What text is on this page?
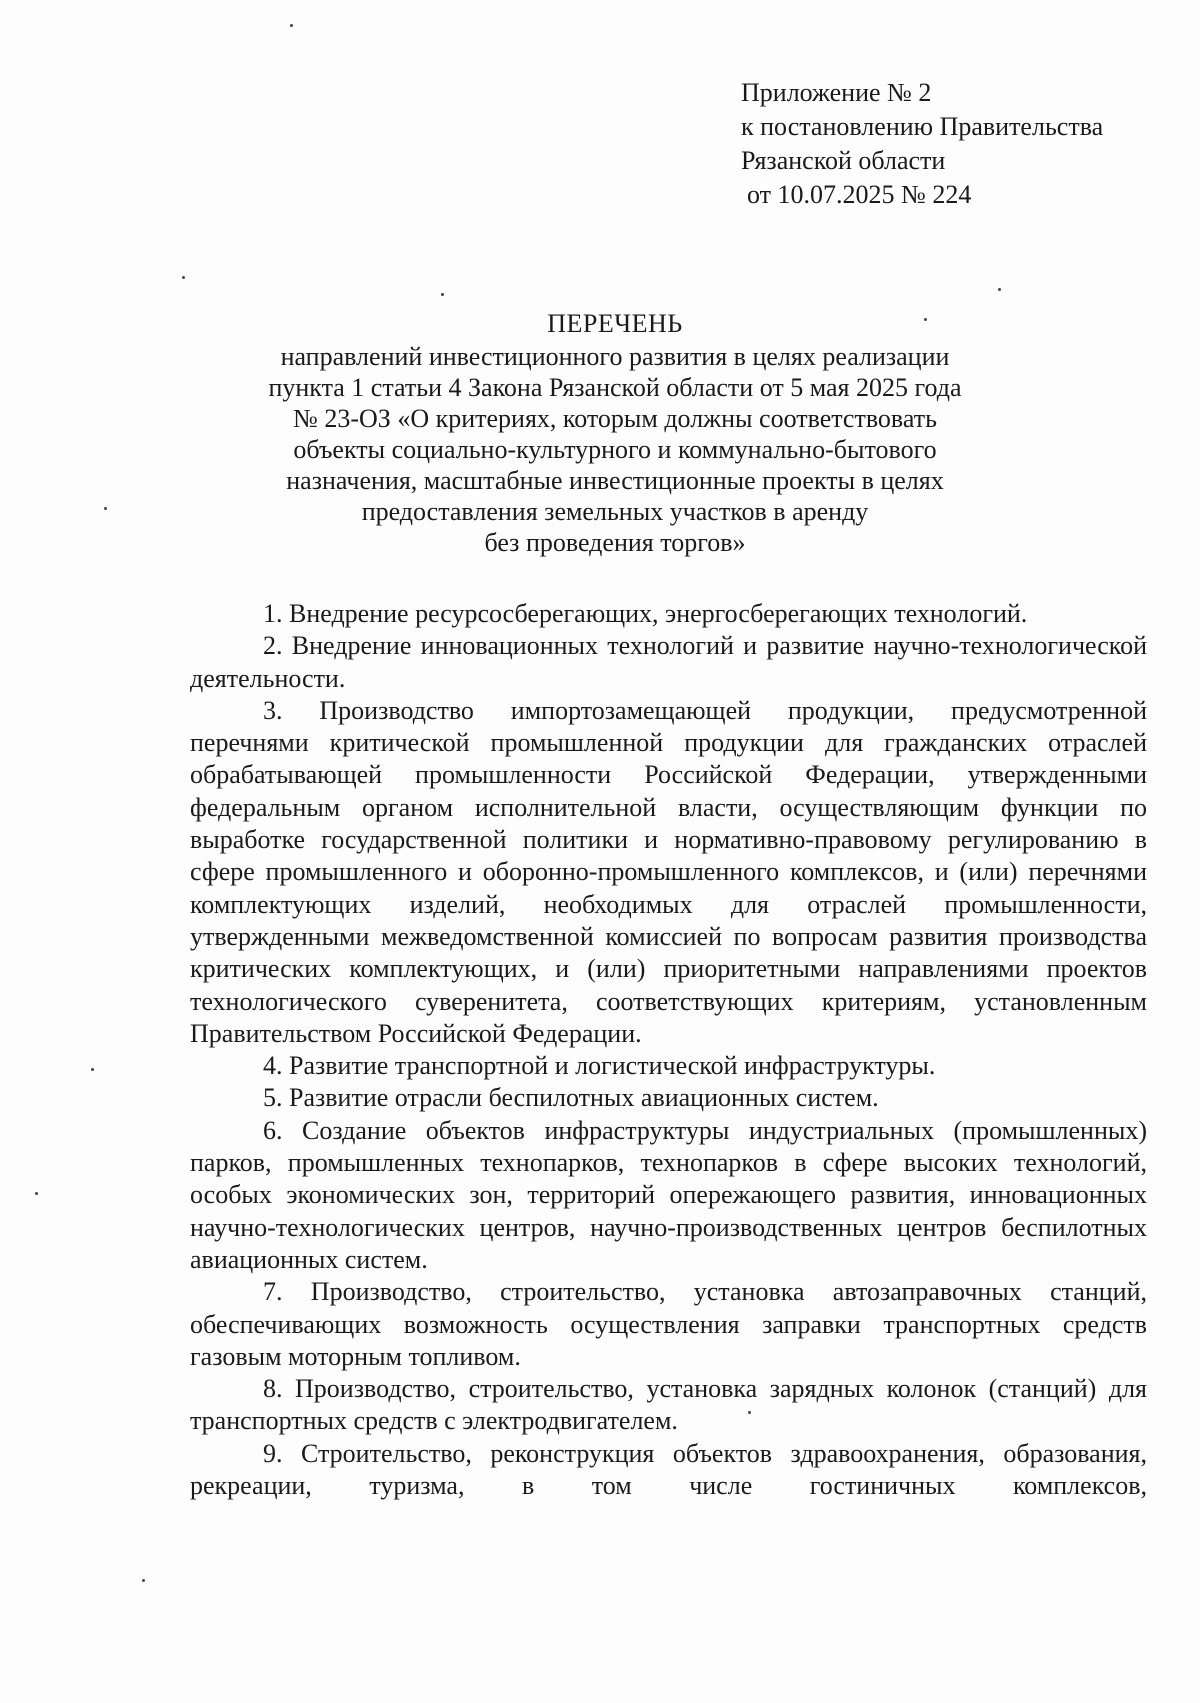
Приложение № 2
к постановлению Правительства
Рязанской области
от 10.07.2025 № 224
ПЕРЕЧЕНЬ
направлений инвестиционного развития в целях реализации
пункта 1 статьи 4 Закона Рязанской области от 5 мая 2025 года
№ 23-ОЗ «О критериях, которым должны соответствовать
объекты социально-культурного и коммунально-бытового
назначения, масштабные инвестиционные проекты в целях
предоставления земельных участков в аренду
без проведения торгов»

1. Внедрение ресурсосберегающих, энергосберегающих технологий.

2. Внедрение инновационных технологий и развитие научно-технологической деятельности.

3. Производство импортозамещающей продукции, предусмотренной перечнями критической промышленной продукции для гражданских отраслей обрабатывающей промышленности Российской Федерации, утвержденными федеральным органом исполнительной власти, осуществляющим функции по выработке государственной политики и нормативно-правовому регулированию в сфере промышленного и оборонно-промышленного комплексов, и (или) перечнями комплектующих изделий, необходимых для отраслей промышленности, утвержденными межведомственной комиссией по вопросам развития производства критических комплектующих, и (или) приоритетными направлениями проектов технологического суверенитета, соответствующих критериям, установленным Правительством Российской Федерации.

4. Развитие транспортной и логистической инфраструктуры.

5. Развитие отрасли беспилотных авиационных систем.

6. Создание объектов инфраструктуры индустриальных (промышленных) парков, промышленных технопарков, технопарков в сфере высоких технологий, особых экономических зон, территорий опережающего развития, инновационных научно-технологических центров, научно-производственных центров беспилотных авиационных систем.

7. Производство, строительство, установка автозаправочных станций, обеспечивающих возможность осуществления заправки транспортных средств газовым моторным топливом.

8. Производство, строительство, установка зарядных колонок (станций) для транспортных средств с электродвигателем.

9. Строительство, реконструкция объектов здравоохранения, образования, рекреации, туризма, в том числе гостиничных комплексов,
